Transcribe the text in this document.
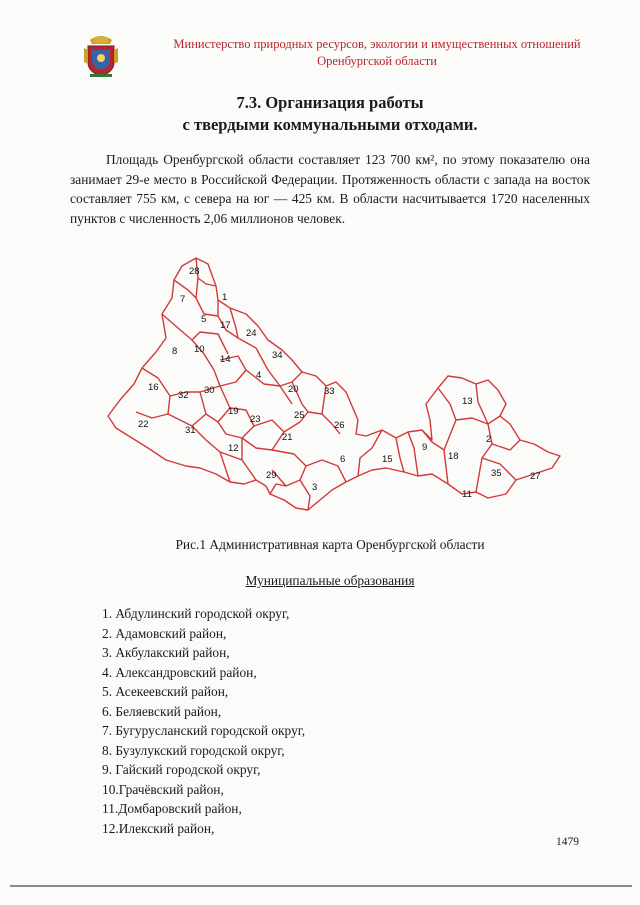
Министерство природных ресурсов, экологии и имущественных отношений
Оренбургской области
7.3. Организация работы
с твердыми коммунальными отходами.
Площадь Оренбургской области составляет 123 700 км², по этому показателю она занимает 29-е место в Российской Федерации. Протяженность области с запада на восток составляет 755 км, с севера на юг — 425 км. В области насчитывается 1720 населенных пунктов с численность 2,06 миллионов человек.
28
7	1
5
17
24
8 10
14	34
4
16
32 30	20	33
22
31
19
23	25
26
12
21
6
29
3
15
9
13
2
18
35	27
11
Рис.1 Административная карта Оренбургской области
Муниципальные образования
1. Абдулинский городской округ,
2. Адамовский район,
3. Акбулакский район,
4. Александровский район,
5. Асекеевский район,
6. Беляевский район,
7. Бугурусланский городской округ,
8. Бузулукский городской округ,
9. Гайский городской округ,
10.Грачёвский район,
11.Домбаровский район,
12.Илекский район,
1479
